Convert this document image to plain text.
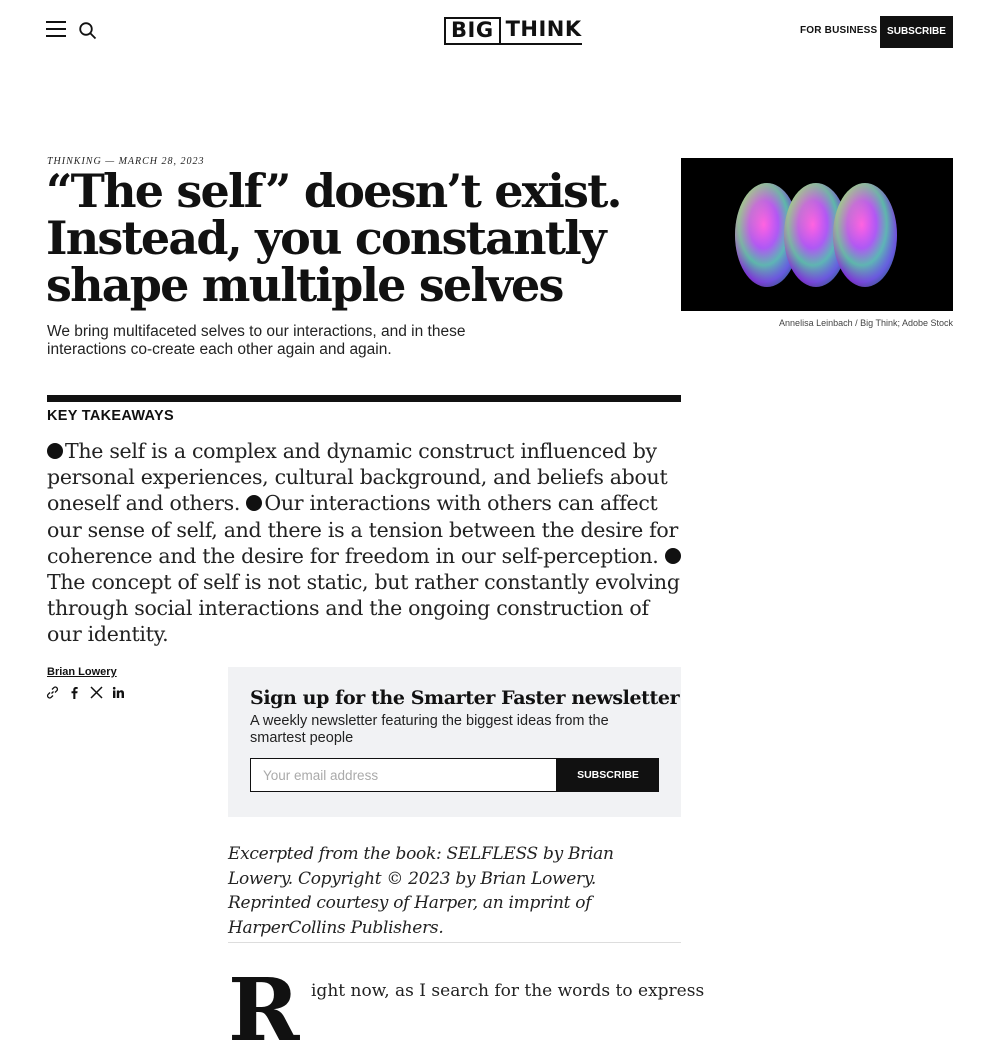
BIG THINK	FOR BUSINESS SUBSCRIBE
THINKING — MARCH 28, 2023
“The self” doesn’t exist. Instead, you constantly shape multiple selves

We bring multifaceted selves to our interactions, and in these interactions co-create each other again and again.

Annelisa Leinbach / Big Think; Adobe Stock
KEY TAKEAWAYS
The self is a complex and dynamic construct influenced by personal experiences, cultural background, and beliefs about oneself and others. Our interactions with others can affect our sense of self, and there is a tension between the desire for coherence and the desire for freedom in our self-perception. The concept of self is not static, but rather constantly evolving through social interactions and the ongoing construction of our identity.
Brian Lowery
Sign up for the Smarter Faster newsletter
A weekly newsletter featuring the biggest ideas from the smartest people
Your email address
SUBSCRIBE

Excerpted from the book: SELFLESS by Brian Lowery. Copyright © 2023 by Brian Lowery. Reprinted courtesy of Harper, an imprint of HarperCollins Publishers.

R ight now, as I search for the words to express
